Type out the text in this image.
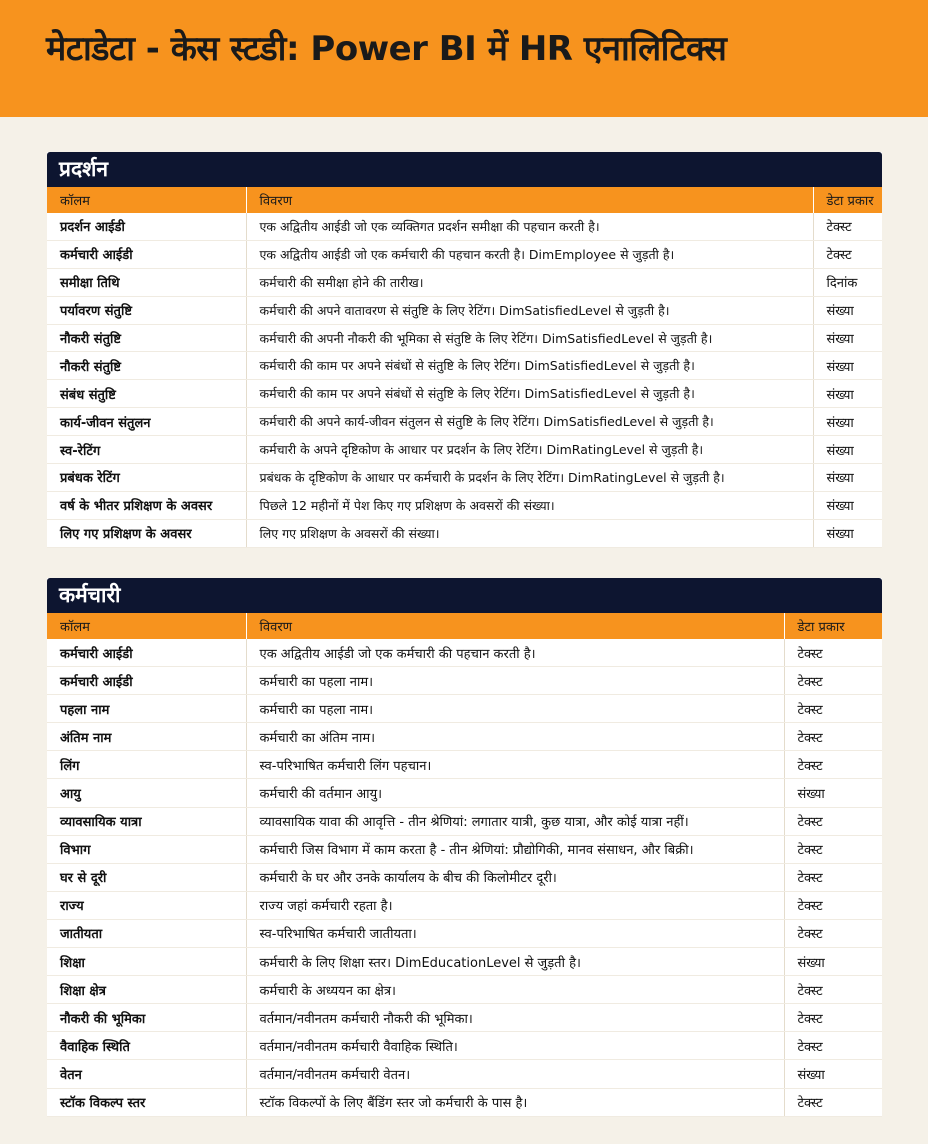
मेटाडेटा - केस स्टडी: Power BI में HR एनालिटिक्स
प्रदर्शन
कॉलम	विवरण	डेटा प्रकार
प्रदर्शन आईडी	एक अद्वितीय आईडी जो एक व्यक्तिगत प्रदर्शन समीक्षा की पहचान करती है।	टेक्स्ट
कर्मचारी आईडी	एक अद्वितीय आईडी जो एक कर्मचारी की पहचान करती है। DimEmployee से जुड़ती है।	टेक्स्ट
समीक्षा तिथि	कर्मचारी की समीक्षा होने की तारीख।	दिनांक
पर्यावरण संतुष्टि	कर्मचारी की अपने वातावरण से संतुष्टि के लिए रेटिंग। DimSatisfiedLevel से जुड़ती है।	संख्या
नौकरी संतुष्टि	कर्मचारी की अपनी नौकरी की भूमिका से संतुष्टि के लिए रेटिंग। DimSatisfiedLevel से जुड़ती है।	संख्या
नौकरी संतुष्टि	कर्मचारी की काम पर अपने संबंधों से संतुष्टि के लिए रेटिंग। DimSatisfiedLevel से जुड़ती है।	संख्या
संबंध संतुष्टि	कर्मचारी की काम पर अपने संबंधों से संतुष्टि के लिए रेटिंग। DimSatisfiedLevel से जुड़ती है।	संख्या
कार्य-जीवन संतुलन	कर्मचारी की अपने कार्य-जीवन संतुलन से संतुष्टि के लिए रेटिंग। DimSatisfiedLevel से जुड़ती है।	संख्या
स्व-रेटिंग	कर्मचारी के अपने दृष्टिकोण के आधार पर प्रदर्शन के लिए रेटिंग। DimRatingLevel से जुड़ती है।	संख्या
प्रबंधक रेटिंग	प्रबंधक के दृष्टिकोण के आधार पर कर्मचारी के प्रदर्शन के लिए रेटिंग। DimRatingLevel से जुड़ती है।	संख्या
वर्ष के भीतर प्रशिक्षण के अवसर	पिछले 12 महीनों में पेश किए गए प्रशिक्षण के अवसरों की संख्या।	संख्या
लिए गए प्रशिक्षण के अवसर	लिए गए प्रशिक्षण के अवसरों की संख्या।	संख्या
कर्मचारी
कॉलम	विवरण	डेटा प्रकार
कर्मचारी आईडी	एक अद्वितीय आईडी जो एक कर्मचारी की पहचान करती है।	टेक्स्ट
कर्मचारी आईडी	कर्मचारी का पहला नाम।	टेक्स्ट
पहला नाम	कर्मचारी का पहला नाम।	टेक्स्ट
अंतिम नाम	कर्मचारी का अंतिम नाम।	टेक्स्ट
लिंग	स्व-परिभाषित कर्मचारी लिंग पहचान।	टेक्स्ट
आयु	कर्मचारी की वर्तमान आयु।	संख्या
व्यावसायिक यात्रा	व्यावसायिक यावा की आवृत्ति - तीन श्रेणियां: लगातार यात्री, कुछ यात्रा, और कोई यात्रा नहीं।	टेक्स्ट
विभाग	कर्मचारी जिस विभाग में काम करता है - तीन श्रेणियां: प्रौद्योगिकी, मानव संसाधन, और बिक्री।	टेक्स्ट
घर से दूरी	कर्मचारी के घर और उनके कार्यालय के बीच की किलोमीटर दूरी।	टेक्स्ट
राज्य	राज्य जहां कर्मचारी रहता है।	टेक्स्ट
जातीयता	स्व-परिभाषित कर्मचारी जातीयता।	टेक्स्ट
शिक्षा	कर्मचारी के लिए शिक्षा स्तर। DimEducationLevel से जुड़ती है।	संख्या
शिक्षा क्षेत्र	कर्मचारी के अध्ययन का क्षेत्र।	टेक्स्ट
नौकरी की भूमिका	वर्तमान/नवीनतम कर्मचारी नौकरी की भूमिका।	टेक्स्ट
वैवाहिक स्थिति	वर्तमान/नवीनतम कर्मचारी वैवाहिक स्थिति।	टेक्स्ट
वेतन	वर्तमान/नवीनतम कर्मचारी वेतन।	संख्या
स्टॉक विकल्प स्तर	स्टॉक विकल्पों के लिए बैंडिंग स्तर जो कर्मचारी के पास है।	टेक्स्ट
